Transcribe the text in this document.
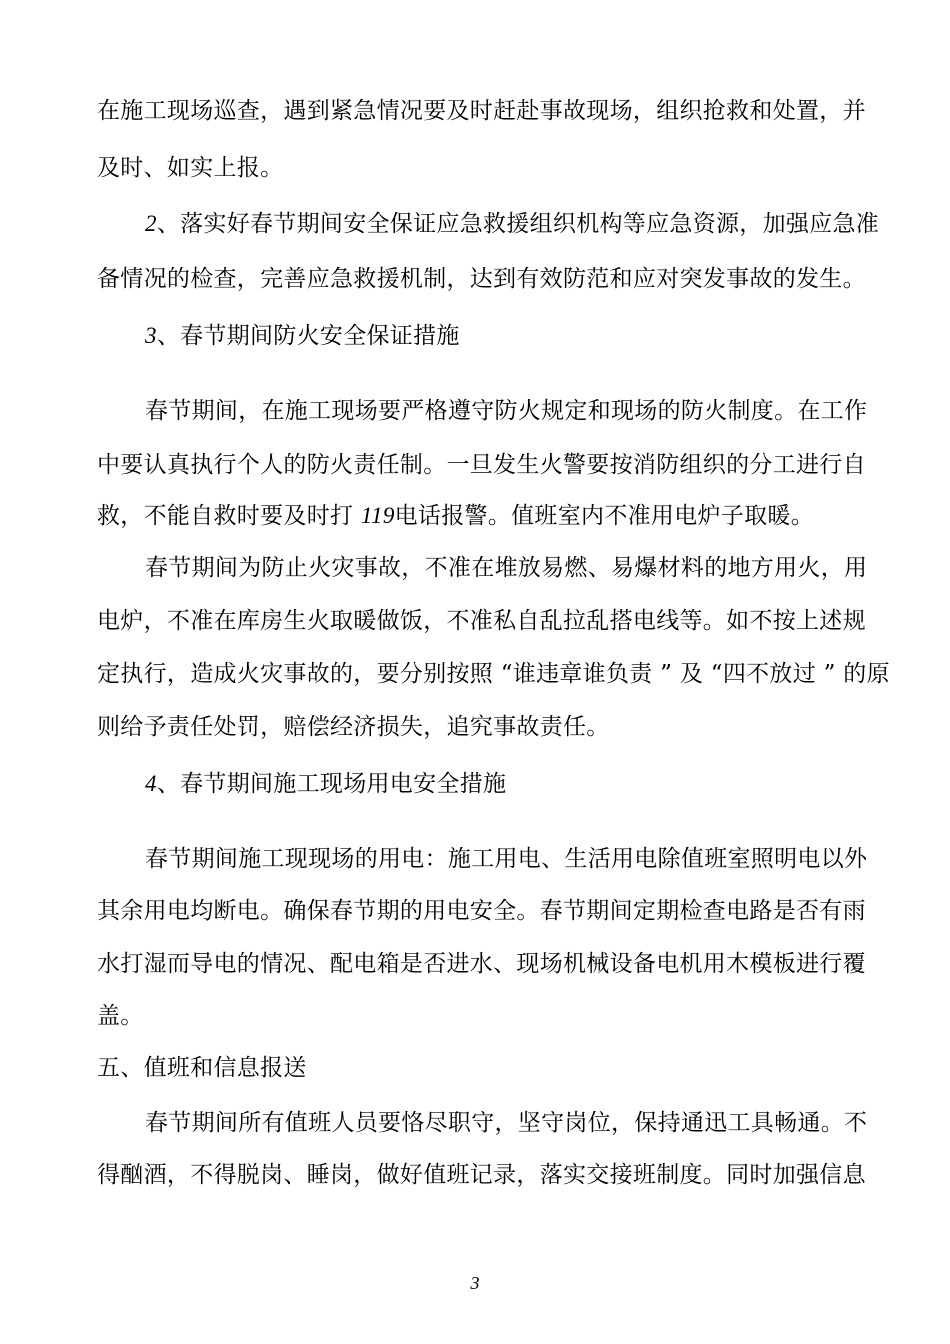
在施工现场巡查，遇到紧急情况要及时赶赴事故现场，组织抢救和处置，并
及时、如实上报。
2、落实好春节期间安全保证应急救援组织机构等应急资源，加强应急准
备情况的检查，完善应急救援机制，达到有效防范和应对突发事故的发生。
3、春节期间防火安全保证措施
春节期间，在施工现场要严格遵守防火规定和现场的防火制度。在工作
中要认真执行个人的防火责任制。一旦发生火警要按消防组织的分工进行自
救，不能自救时要及时打 119电话报警。值班室内不准用电炉子取暖。
春节期间为防止火灾事故，不准在堆放易燃、易爆材料的地方用火，用
电炉，不准在库房生火取暖做饭，不准私自乱拉乱搭电线等。如不按上述规
定执行，造成火灾事故的，要分别按照 “谁违章谁负责 ” 及 “四不放过 ” 的原
则给予责任处罚，赔偿经济损失，追究事故责任。
4、春节期间施工现场用电安全措施
春节期间施工现现场的用电：施工用电、生活用电除值班室照明电以外
其余用电均断电。确保春节期的用电安全。春节期间定期检查电路是否有雨
水打湿而导电的情况、配电箱是否进水、现场机械设备电机用木模板进行覆
盖。
五、值班和信息报送
春节期间所有值班人员要恪尽职守，坚守岗位，保持通迅工具畅通。不
得酗酒，不得脱岗、睡岗，做好值班记录，落实交接班制度。同时加强信息
3
